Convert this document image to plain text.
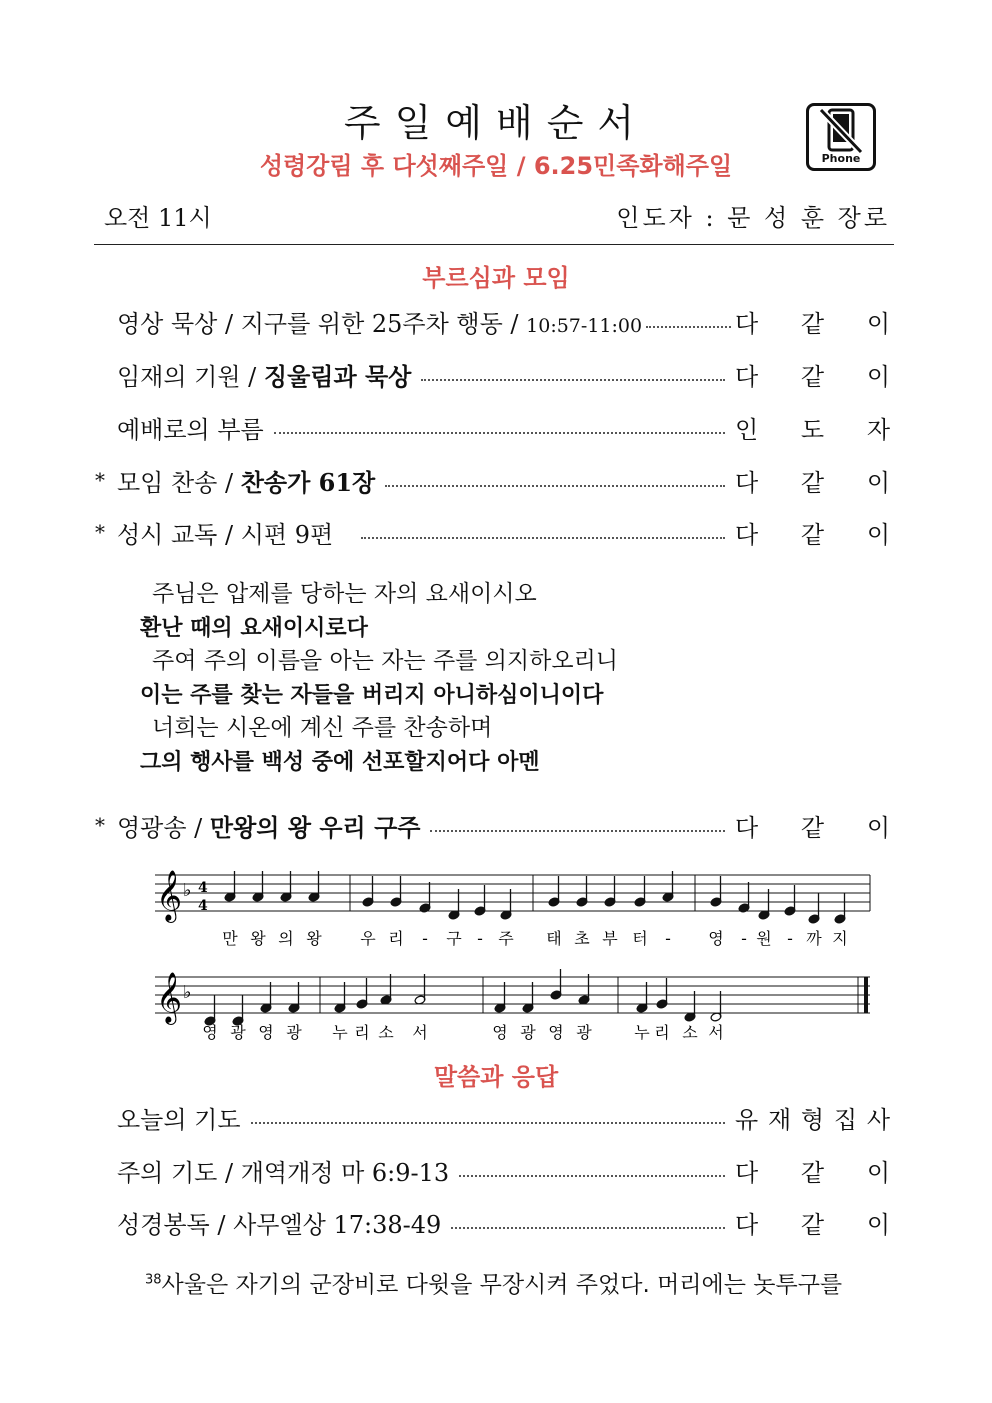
주일예배순서
성령강림 후 다섯째주일 / 6.25민족화해주일	Phone
오전 11시	인도자 : 문 성 훈 장로
부르심과 모임
영상 묵상 / 지구를 위한 25주차 행동 / 10:57-11:00	다 같 이
임재의 기원 / 징울림과 묵상	다 같 이
예배로의 부름	인 도 자
* 모임 찬송 / 찬송가 61장	다 같 이
* 성시 교독 / 시편 9편	다 같 이
주님은 압제를 당하는 자의 요새이시오
환난 때의 요새이시로다
주여 주의 이름을 아는 자는 주를 의지하오리니
이는 주를 찾는 자들을 버리지 아니하심이니이다
너희는 시온에 계신 주를 찬송하며
그의 행사를 백성 중에 선포할지어다 아멘
* 영광송 / 만왕의 왕 우리 구주	다 같 이
𝄞
𝄞
♭
♭
4
4
만 왕 의 왕 우 리 - 구 - 주 태 초 부 터 - 영 - 원 - 까 지
영 광 영 광 누 리 소 서	영 광 영 광	누 리 소 서
말씀과 응답
오늘의 기도	유 재 형 집 사
주의 기도 / 개역개정 마 6:9-13	다 같 이
성경봉독 / 사무엘상 17:38-49	다 같 이
$^{38}$사울은 자기의 군장비로 다윗을 무장시켜 주었다. 머리에는 놋투구를
